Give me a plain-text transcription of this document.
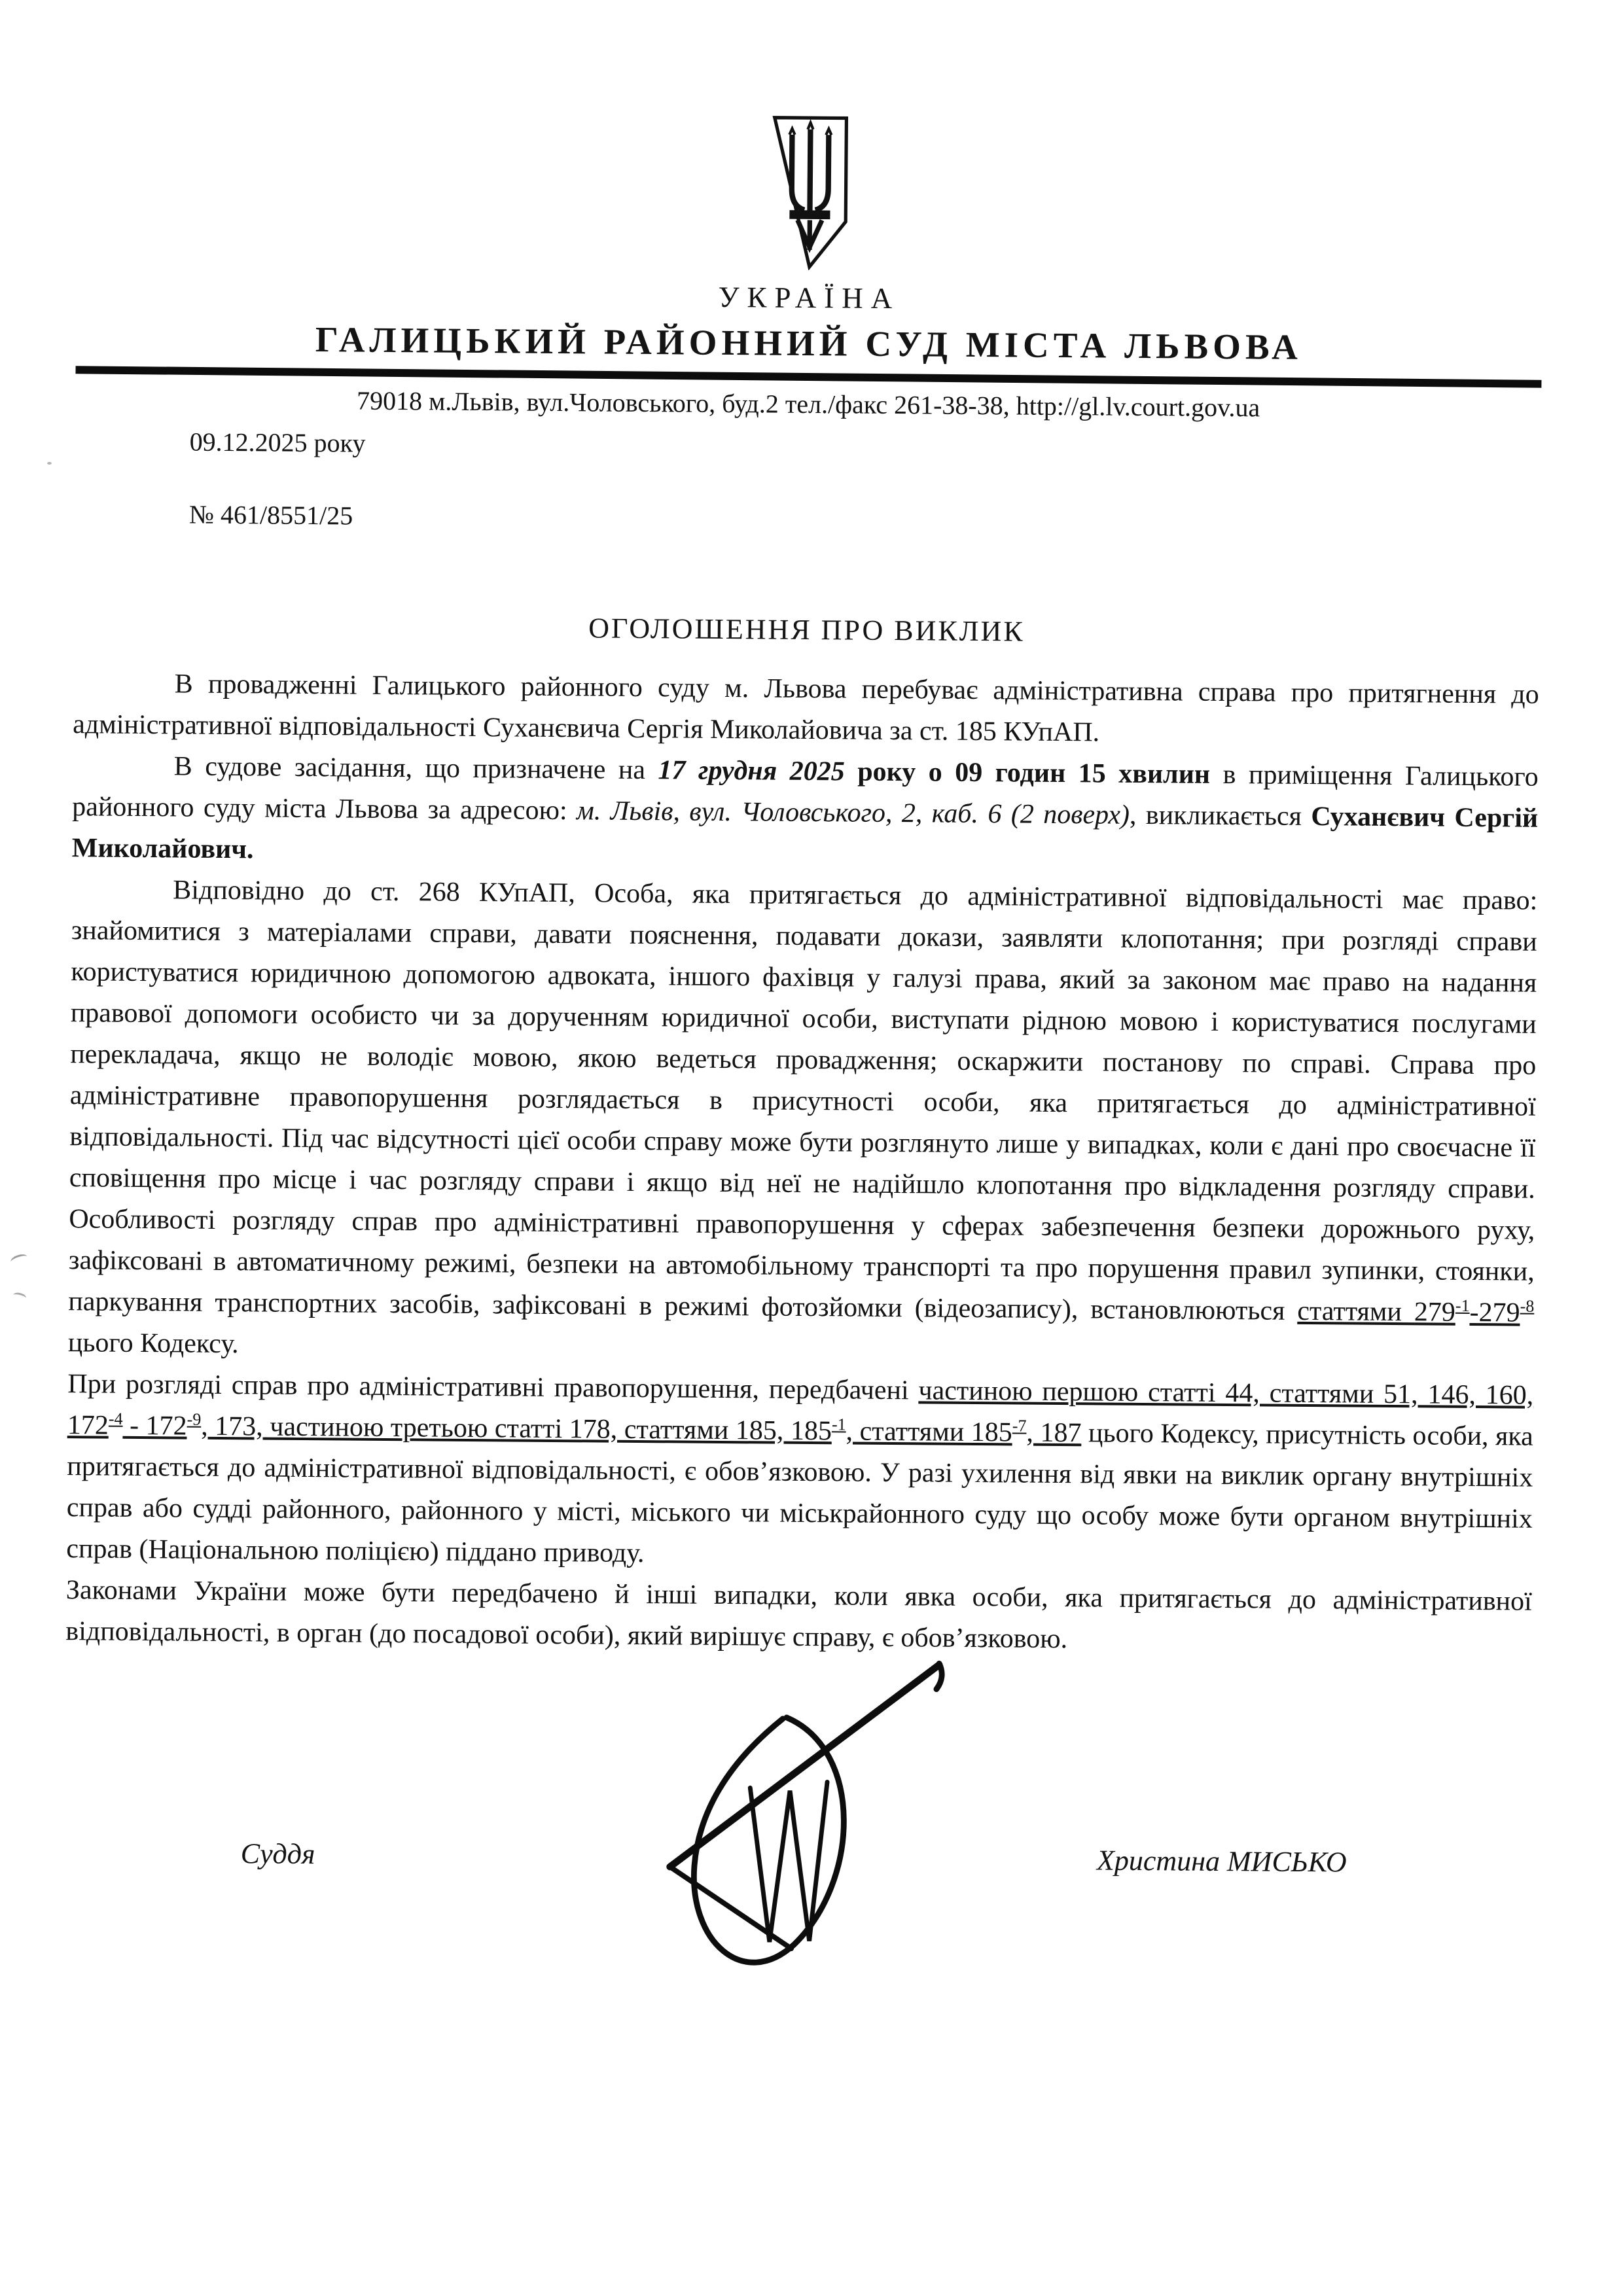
УКРАЇНА
ГАЛИЦЬКИЙ РАЙОННИЙ СУД МІСТА ЛЬВОВА
79018 м.Львів, вул.Чоловського, буд.2 тел./факс 261-38-38, http://gl.lv.court.gov.ua
09.12.2025 року
№ 461/8551/25
ОГОЛОШЕННЯ ПРО ВИКЛИК

В провадженні Галицького районного суду м. Львова перебуває адміністративна справа про притягнення до адміністративної відповідальності Суханєвича Сергія Миколайовича за ст. 185 КУпАП.

В судове засідання, що призначене на 17 грудня 2025 року о 09 годин 15 хвилин в приміщення Галицького районного суду міста Львова за адресою: м. Львів, вул. Чоловського, 2, каб. 6 (2 поверх), викликається Суханєвич Сергій Миколайович.

Відповідно до ст. 268 КУпАП, Особа, яка притягається до адміністративної відповідальності має право: знайомитися з матеріалами справи, давати пояснення, подавати докази, заявляти клопотання; при розгляді справи користуватися юридичною допомогою адвоката, іншого фахівця у галузі права, який за законом має право на надання правової допомоги особисто чи за дорученням юридичної особи, виступати рідною мовою і користуватися послугами перекладача, якщо не володіє мовою, якою ведеться провадження; оскаржити постанову по справі. Справа про адміністративне правопорушення розглядається в присутності особи, яка притягається до адміністративної відповідальності. Під час відсутності цієї особи справу може бути розглянуто лише у випадках, коли є дані про своєчасне її сповіщення про місце і час розгляду справи і якщо від неї не надійшло клопотання про відкладення розгляду справи. Особливості розгляду справ про адміністративні правопорушення у сферах забезпечення безпеки дорожнього руху, зафіксовані в автоматичному режимі, безпеки на автомобільному транспорті та про порушення правил зупинки, стоянки, паркування транспортних засобів, зафіксовані в режимі фотозйомки (відеозапису), встановлюються статтями $279^{-1}-279^{-8}$ цього Кодексу.

При розгляді справ про адміністративні правопорушення, передбачені частиною першою статті 44, статтями 51, 146, 160, $172^{-4} - 172^{-9}$, 173, частиною третьою статті 178, статтями 185, $185^{-1}$, статтями $185^{-7}$, 187 цього Кодексу, присутність особи, яка притягається до адміністративної відповідальності, є обов’язковою. У разі ухилення від явки на виклик органу внутрішніх справ або судді районного, районного у місті, міського чи міськрайонного суду що особу може бути органом внутрішніх справ (Національною поліцією) піддано приводу.

Законами України може бути передбачено й інші випадки, коли явка особи, яка притягається до адміністративної відповідальності, в орган (до посадової особи), який вирішує справу, є обов’язковою.

Суддя	Христина МИСЬКО
